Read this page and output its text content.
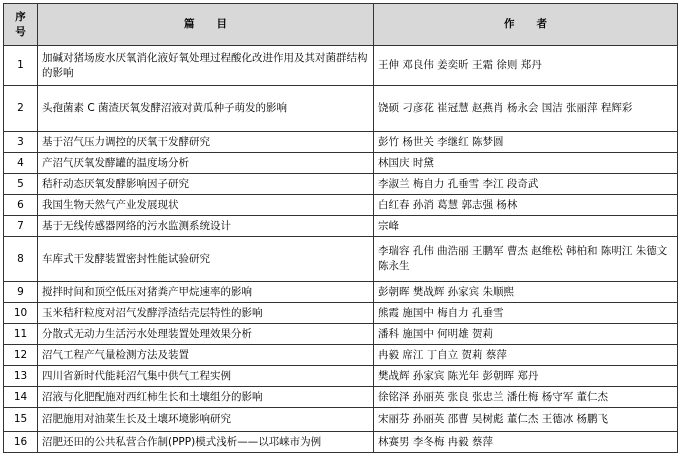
序
号	篇目	作者
1	加碱对猪场废水厌氧消化液好氧处理过程酸化改进作用及其对菌群结构的影响	王伸 邓良伟 姜奕昕 王霜 徐则 郑丹
2	头孢菌素 C 菌渣厌氧发酵沼液对黄瓜种子萌发的影响	饶硕 刁彦花 崔冠慧 赵燕肖 杨永会 国洁 张丽萍 程辉彩
3	基于沼气压力调控的厌氧干发酵研究	彭竹 杨世关 李继红 陈梦圆
4	产沼气厌氧发酵罐的温度场分析	林国庆 时黛
5	秸秆动态厌氧发酵影响因子研究	李淑兰 梅自力 孔垂雪 李江 段奇武
6	我国生物天然气产业发展现状	白红春 孙消 葛慧 郭志强 杨林
7	基于无线传感器网络的污水监测系统设计	宗峰
8	车库式干发酵装置密封性能试验研究	李瑞容 孔伟 曲浩丽 王鹏军 曹杰 赵维松 韩柏和 陈明江 朱德文 陈永生
9	搅拌时间和顶空低压对猪粪产甲烷速率的影响	彭朝晖 樊战辉 孙家宾 朱顺熙
10	玉米秸秆粒度对沼气发酵浮渣结壳层特性的影响	熊霞 施国中 梅自力 孔垂雪
11	分散式无动力生活污水处理装置处理效果分析	潘科 施国中 何明雄 贺莉
12	沼气工程产气量检测方法及装置	冉毅 席江 丁自立 贺莉 蔡萍
13	四川省新时代能耗沼气集中供气工程实例	樊战辉 孙家宾 陈光年 彭朝晖 郑丹
14	沼液与化肥配施对西红柿生长和土壤组分的影响	徐铭泽 孙丽英 张良 张忠兰 潘仕梅 杨守军 董仁杰
15	沼肥施用对油菜生长及土壤环境影响研究	宋丽芬 孙丽英 邵曹 吴树彪 董仁杰 王德冰 杨鹏飞
16	沼肥还田的公共私营合作制(PPP)模式浅析——以邛崃市为例	林赛男 李冬梅 冉毅 蔡萍
